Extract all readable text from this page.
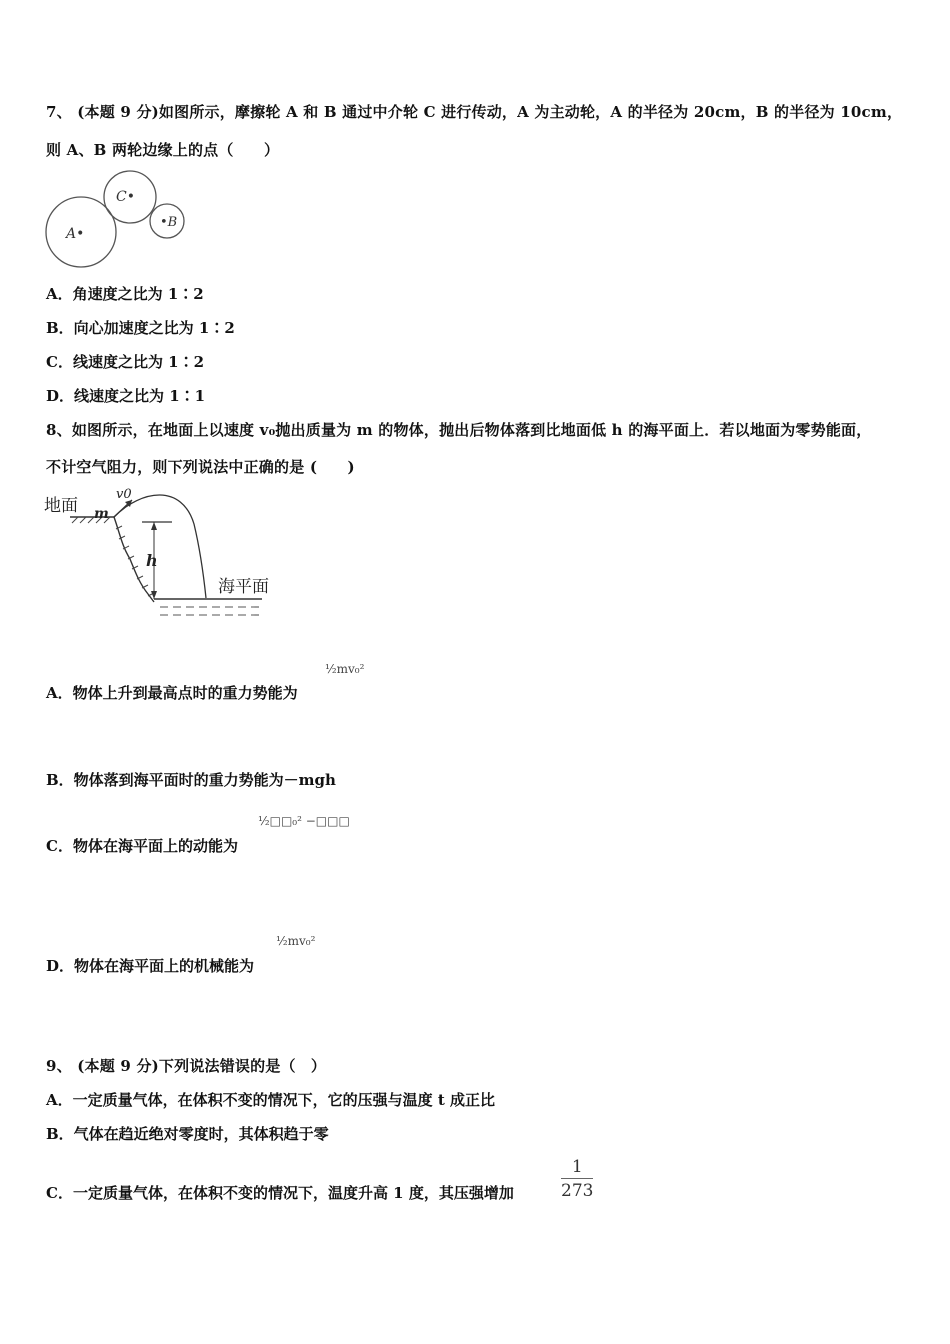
7、 (本题 9 分)如图所示，摩擦轮 A 和 B 通过中介轮 C 进行传动，A 为主动轮，A 的半径为 20cm，B 的半径为 10cm，
则 A、B 两轮边缘上的点（　　）
A•
C•
•B
A．角速度之比为 1∶2
B．向心加速度之比为 1∶2
C．线速度之比为 1∶2
D．线速度之比为 1∶1
8、如图所示，在地面上以速度 v₀抛出质量为 m 的物体，抛出后物体落到比地面低 h 的海平面上．若以地面为零势能面，
不计空气阻力，则下列说法中正确的是 (　　)
地面 m
v0
h
海平面
A．物体上升到最高点时的重力势能为
½mv₀²
B．物体落到海平面时的重力势能为－mgh
C．物体在海平面上的动能为
½□□₀² −□□□
D．物体在海平面上的机械能为
½mv₀²
9、 (本题 9 分)下列说法错误的是（　）
A．一定质量气体，在体积不变的情况下，它的压强与温度 t 成正比
B．气体在趋近绝对零度时，其体积趋于零
C．一定质量气体，在体积不变的情况下，温度升高 1 度，其压强增加	$\frac{1}{273}$
